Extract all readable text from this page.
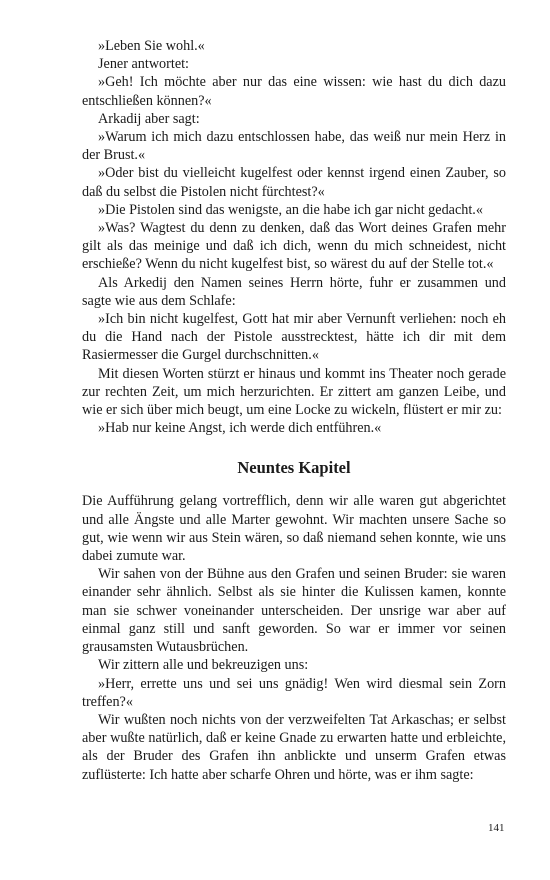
»Leben Sie wohl.«

Jener antwortet:

»Geh! Ich möchte aber nur das eine wissen: wie hast du dich dazu entschließen können?«

Arkadij aber sagt:

»Warum ich mich dazu entschlossen habe, das weiß nur mein Herz in der Brust.«

»Oder bist du vielleicht kugelfest oder kennst irgend einen Zauber, so daß du selbst die Pistolen nicht fürchtest?«

»Die Pistolen sind das wenigste, an die habe ich gar nicht gedacht.«

»Was? Wagtest du denn zu denken, daß das Wort deines Grafen mehr gilt als das meinige und daß ich dich, wenn du mich schneidest, nicht erschieße? Wenn du nicht kugelfest bist, so wärest du auf der Stelle tot.«

Als Arkedij den Namen seines Herrn hörte, fuhr er zusammen und sagte wie aus dem Schlafe:

»Ich bin nicht kugelfest, Gott hat mir aber Vernunft verliehen: noch eh du die Hand nach der Pistole ausstrecktest, hätte ich dir mit dem Rasiermesser die Gurgel durchschnitten.«

Mit diesen Worten stürzt er hinaus und kommt ins Theater noch gerade zur rechten Zeit, um mich herzurichten. Er zittert am ganzen Leibe, und wie er sich über mich beugt, um eine Locke zu wickeln, flüstert er mir zu:

»Hab nur keine Angst, ich werde dich entführen.«

Neuntes Kapitel

Die Aufführung gelang vortrefflich, denn wir alle waren gut abgerichtet und alle Ängste und alle Marter gewohnt. Wir machten unsere Sache so gut, wie wenn wir aus Stein wären, so daß niemand sehen konnte, wie uns dabei zumute war.

Wir sahen von der Bühne aus den Grafen und seinen Bruder: sie waren einander sehr ähnlich. Selbst als sie hinter die Kulissen kamen, konnte man sie schwer voneinander unterscheiden. Der unsrige war aber auf einmal ganz still und sanft geworden. So war er immer vor seinen grausamsten Wutausbrüchen.

Wir zittern alle und bekreuzigen uns:

»Herr, errette uns und sei uns gnädig! Wen wird diesmal sein Zorn treffen?«

Wir wußten noch nichts von der verzweifelten Tat Arkaschas; er selbst aber wußte natürlich, daß er keine Gnade zu erwarten hatte und erbleichte, als der Bruder des Grafen ihn anblickte und unserm Grafen etwas zuflüsterte: Ich hatte aber scharfe Ohren und hörte, was er ihm sagte:

141
